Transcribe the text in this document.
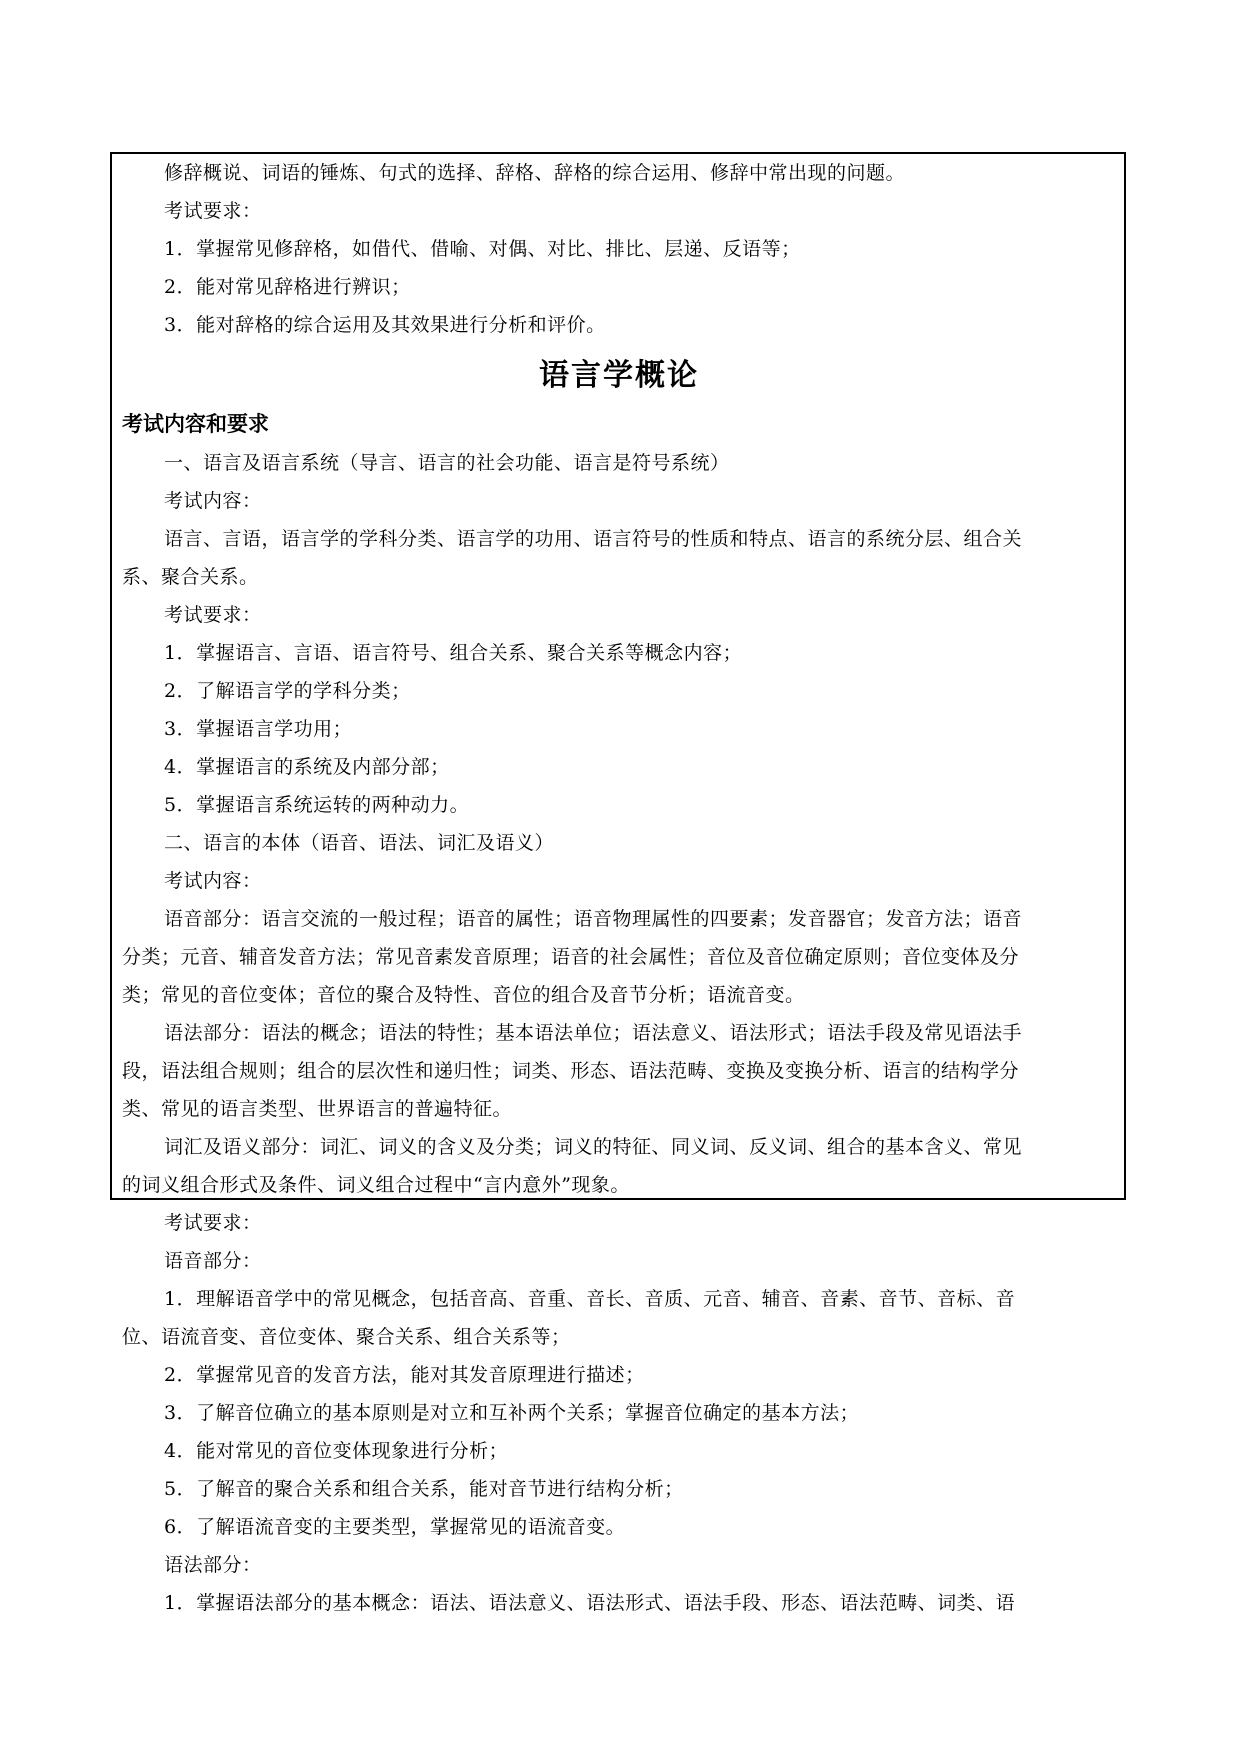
修辞概说、词语的锤炼、句式的选择、辞格、辞格的综合运用、修辞中常出现的问题。
考试要求：
1．掌握常见修辞格，如借代、借喻、对偶、对比、排比、层递、反语等；
2．能对常见辞格进行辨识；
3．能对辞格的综合运用及其效果进行分析和评价。
语言学概论
考试内容和要求
一、语言及语言系统（导言、语言的社会功能、语言是符号系统）
考试内容：
语言、言语，语言学的学科分类、语言学的功用、语言符号的性质和特点、语言的系统分层、组合关
系、聚合关系。
考试要求：
1．掌握语言、言语、语言符号、组合关系、聚合关系等概念内容；
2．了解语言学的学科分类；
3．掌握语言学功用；
4．掌握语言的系统及内部分部；
5．掌握语言系统运转的两种动力。
二、语言的本体（语音、语法、词汇及语义）
考试内容：
语音部分：语言交流的一般过程；语音的属性；语音物理属性的四要素；发音器官；发音方法；语音
分类；元音、辅音发音方法；常见音素发音原理；语音的社会属性；音位及音位确定原则；音位变体及分
类；常见的音位变体；音位的聚合及特性、音位的组合及音节分析；语流音变。
语法部分：语法的概念；语法的特性；基本语法单位；语法意义、语法形式；语法手段及常见语法手
段，语法组合规则；组合的层次性和递归性；词类、形态、语法范畴、变换及变换分析、语言的结构学分
类、常见的语言类型、世界语言的普遍特征。
词汇及语义部分：词汇、词义的含义及分类；词义的特征、同义词、反义词、组合的基本含义、常见
的词义组合形式及条件、词义组合过程中“言内意外”现象。
考试要求：
语音部分：
1．理解语音学中的常见概念，包括音高、音重、音长、音质、元音、辅音、音素、音节、音标、音
位、语流音变、音位变体、聚合关系、组合关系等；
2．掌握常见音的发音方法，能对其发音原理进行描述；
3．了解音位确立的基本原则是对立和互补两个关系；掌握音位确定的基本方法；
4．能对常见的音位变体现象进行分析；
5．了解音的聚合关系和组合关系，能对音节进行结构分析；
6．了解语流音变的主要类型，掌握常见的语流音变。
语法部分：
1．掌握语法部分的基本概念：语法、语法意义、语法形式、语法手段、形态、语法范畴、词类、语
